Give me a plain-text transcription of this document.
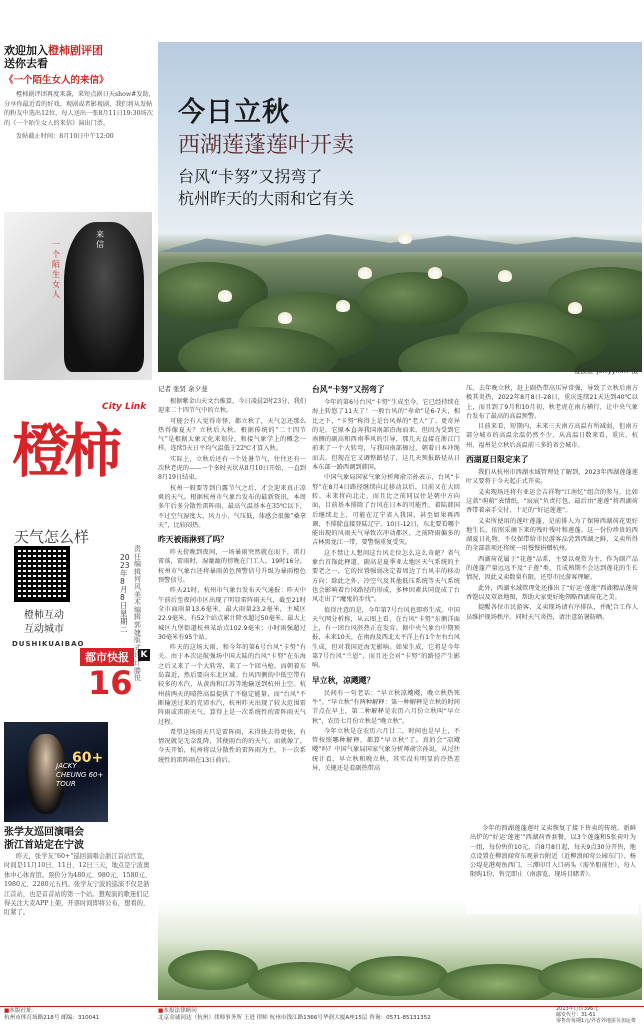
欢迎加入橙柿剧评团
送你去看
《一个陌生女人的来信》
橙柿剧评团再度来袭，来短点剧日天show#发助，分享你最近看的好戏、观剧或者影视剧，我们将从发帖的粉友中选出12位，每人送出一张8月11日19:30场次的《一个陌生女人的来信》演出门票。
发帖截止时间：8月10日中午12:00
一个陌生女人
来信
橙柿
City Link
天气怎么样
橙柿互动
互动城市
DUSHIKUAIBAO
都市快报	K
16
2023年8月8日 星期二
责任编辑 何风 美术编辑 郭婕 版式设计 滕悦
60+
JACKY CHEUNG 60+ TOUR
张学友巡回演唱会
浙江首站定在宁波
昨天，张学友“60+”巡回演唱会浙江首站官宣，时间是11月10日、11日、12日三天，地点是宁波奥体中心体育馆。票价分为480元、980元、1580元、1980元、2280元五档。张学友宁波的巡演不仅是浙江首站，也是首首站的第一个站。想观演的歌迷们记得关注大麦APP上架，开票时间即将公布，想看的，盯紧了。
今日立秋
西湖莲蓬莲叶开卖
台风“卡努”又拐弯了
杭州昨天的大雨和它有关
楼拔金“Jerryymm”摄
记者 张贤 余夕斐

根据紫金山天文台推算，今日凌晨2时23分，我们迎来二十四节气中的立秋。

可能会有人觉得奇怪，都立秋了，天气怎还那么热得像夏天？立秋后入秋，根据传统的“二十四节气”是根据太象元化来划分，和接气象学上的概念一样。连续5天日平均气温低于22℃才算入秋。

实际上，立秋后还有一个处暑节气，往往还有一次秋老虎的——一个多时天状从8月10日开始，一直到8月19日结束。

杭州一般要等到白露节气之后，才会迎来真正凉爽的天气。根据杭州市气象台发布的最新资讯，本周多午后多分散性雷阵雨，最高气温基本在35℃以下，不过空气湿度大，风力小，气压低，体感会很像“桑拿天”，比较闷热。

昨天被雨淋到了吗？

昨天傍晚到夜间，一场暴雨突然就在而下，雷打雷落，雷雨时，湿漉漉的傍晚在门工人。19时16分，杭州市气象台还将暴雨黄色预警信号升级为暴雨橙色预警信号。

昨天21时，杭州市气象台发布天气通报：昨天中午前后至夜间市区出现了明显雷阵雨天气，截至21时全市面雨量13.6毫米，最大雨量23.2毫米，主城区22.9毫米，有52个站点累计降水超过50毫米，最大上城区九堡街道杭州某站点102.9毫米；小时雨强超过30毫米有95个站。

昨天的这场大雨，和今年的第6号台风“卡努”有关。由于本次运航强场中国大陆的台风“卡努”在东海之后又来了一个大转弯，来了一个回马枪，而朝着东岛靠近，然后要向东北区域。台风四侧的中低空带有较多的水汽，从黄海和江苏等地输送到杭州上空。杭州前两天的晴热高温提供了不稳定能量，而“台风”不断输送过来的充沛水汽，杭州昨天出现了较大范围雷阵雨或雷雨天气，算得上是一次系统性的雷阵雨天气过程。

希望这场雨天只是雷阵雨，未得快去得更快，有情况就是无奈乱降，其便雨台的的天气。而就像了，今天开始，杭州将以分散性的雷阵雨为主，下一次系统性的雷阵雨在13日前后。

台风“卡努”又拐弯了

今年的第6号台风“卡努”生成至今，它已经持续在海上转悠了11天了！一般台风的“寿命”是6-7天，相比之下，“卡努”称得上是台风界的“老人”了。更奇异的是，它原本直奔我国南部沿海而来，但因为受到它南侧的副高和西南季风的引导，那几天直接在浙江门前来了一个大转弯，与我国南部擦过，朝着日本冲绳而去，但现在它又调整路径了，这几天预报路径从日本东部一路西调到韩国。

中国气象局国家气象分析师俞宗孙表示，台风“卡努”在8月4日路径继续向北移动以后，目前又在大回转。未来将向北走，而且比之前同以往是朝中方向面，目前基本排除了台风在日本的可能性，着陆韩国后继续北上，可能在辽宁省入我国，甚至如果再西调，不排除直接登陆辽宁。10日-12日，东北要看哪个能出现的风雨天气导致次冲动都区，之前降雨偏多的吉林黑龙江一带，要警惕重复受灾。

这不禁让人想问这台风走位怎么这么奇葩？省气象台首饰此释道，副高是夏季亚太地区天气系统的主要老之一，它的位置强弱决定着周边了台风丰的移动方向；除此之外，冷空气及其他低压系统等天气系统也会影响着台风路径的形成，多种因素共同促成了台风走出了“魔鬼的步伐”。

值得注意的是，今年第7号台风也即将生成。中国天气网分析称，从云图上看，在台风“卡努”东侧洋面上，有一团台风胚热正在发育。据中央气象台中期预报，未来10天，在南海及西北太平洋上有1个左右台风生成，但对我国近海无影响。如果生成，它将是今年第7号台风“兰恩”，而且还会对“卡努”的路径产生影响。

早立秋，凉飕飕？

民间有一句老话：“早立秋凉飕飕，晚立秋热死牛”。“早立秋”有两种解释：第一种解释是立秋的时间节点在早上，第二种解释是农历六月份立秋叫“早立秋”，农历七月份立秋是“晚立秋”。

今年立秋是在农历六月廿二，时间也是早上，不管按照哪种解释，都算“早立秋”了。真的会“凉飕飕”吗？中国气象局国家气象分析师俞宗孙说，从过往统计看，早立秋和晚立秋，其实没有明显的冷热差异，关键还是看副热带高

压。去年晚立秋，赶上副热带高压异常强，导致了立秋后南方极其炎热，2022年8月8日-28日，重庆连续21天达到40℃以上，而且到了9月和10月初，秋老虎在南方横行，让中央气象台发布了最高的高温预警。

目前来看，短期内，未来三天南方高温有所减弱，但南方部分城市的高温余温仍然不少，从高温日数来看，重庆、杭州、福州是立秋后高温前三多的省会城市。

西湖夏日限定来了

我们从杭州市西湖水域管理处了解到，2023年西湖莲蓬莲叶又要将于今天起正式开卖。

义卖现场还将有亚运会吉祥物“江南忆”组合的参与，比如这款“萌萌”表情纸，“宸宸”负责打包，最后由“莲莲”将西湖荷香带着亲手交付，十足的“好运莲莲”。

义卖所使用的莲叶莲蓬，是前排人为了保障西湖荷花更好地生长，依照采摘下来的残叶残叶和莲蓬。这一份份珍贵的西湖夏日礼物，不仅保带给市民游客品尝到西湖之鲜，义卖所得的全部款项还将统一用慢慢捐赠杭州。

西湖荷花属于“花莲”品系，主要以观赏为主，作为副产品的莲蓬产量远远不及“子莲”类，且成熟期不会达到莲花的生长情况，因此义卖数量有限，还望市民游客理解。

此外，西湖水域管理处还推出了“好运·莲莲”西湖精品莲荷香饱以及双语地图，帮助大家更好地领略西湖荷花之美。

提醒各位市民游客，义卖现场请有序排队，并配合工作人员维护现场秩序。同时天气炎热，请注意防暑防晒。

今年的西湖莲蓬莲叶义卖恢复了接下售卖的传统。新鲜出炉的“好运‘莲莲’”西湖荷香套餐，以3个莲蓬和5张荷叶为一组，每份售价10元，自8月8日起，每天9点30分开售，地点设置在柳浪闻莺东观景台附近（近柳浪闻莺公园东门）、杨公堤花港观鱼西门、三潭印月入口码头（需坐船前往），每人限购1份，售完即止（南游览、现场目睹者）。

■本版社址：
杭州市体育场路218号 邮编：310041
■本报法律顾问
北京金诚同达（杭州）律师事务所 王进 律师 杭州市钱江路1366号华润大厦A座15层 咨询：0571-85131352
2023年订价396元
邮发代号：31-61
零售价每期1元/外省外地需另加运费
